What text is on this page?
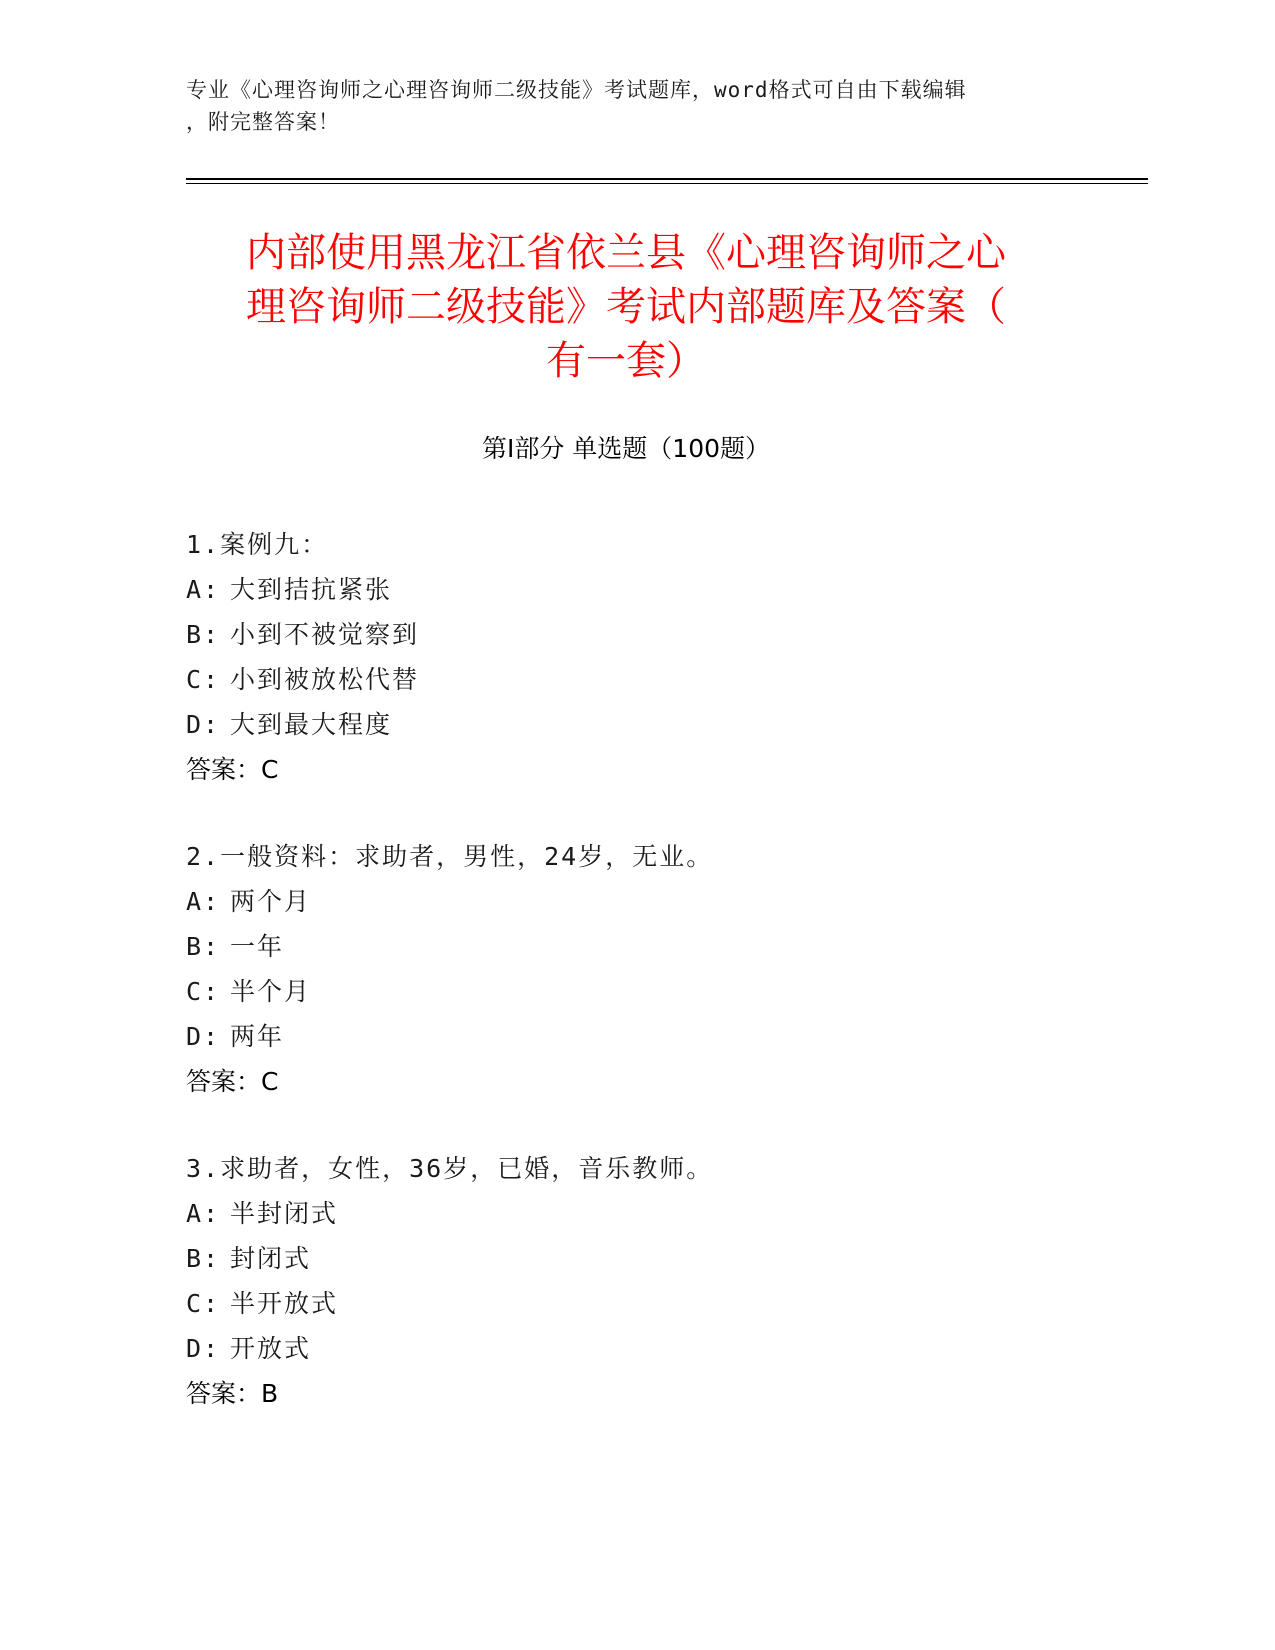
专业《心理咨询师之心理咨询师二级技能》考试题库，word格式可自由下载编辑
，附完整答案！
内部使用黑龙江省依兰县《心理咨询师之心
理咨询师二级技能》考试内部题库及答案（
有一套）
第Ⅰ部分 单选题（100题）
1.案例九：
A: 大到拮抗紧张
B: 小到不被觉察到
C: 小到被放松代替
D: 大到最大程度
答案：C
2.一般资料：求助者，男性，24岁，无业。
A: 两个月
B: 一年
C: 半个月
D: 两年
答案：C
3.求助者，女性，36岁，已婚，音乐教师。
A: 半封闭式
B: 封闭式
C: 半开放式
D: 开放式
答案：B
